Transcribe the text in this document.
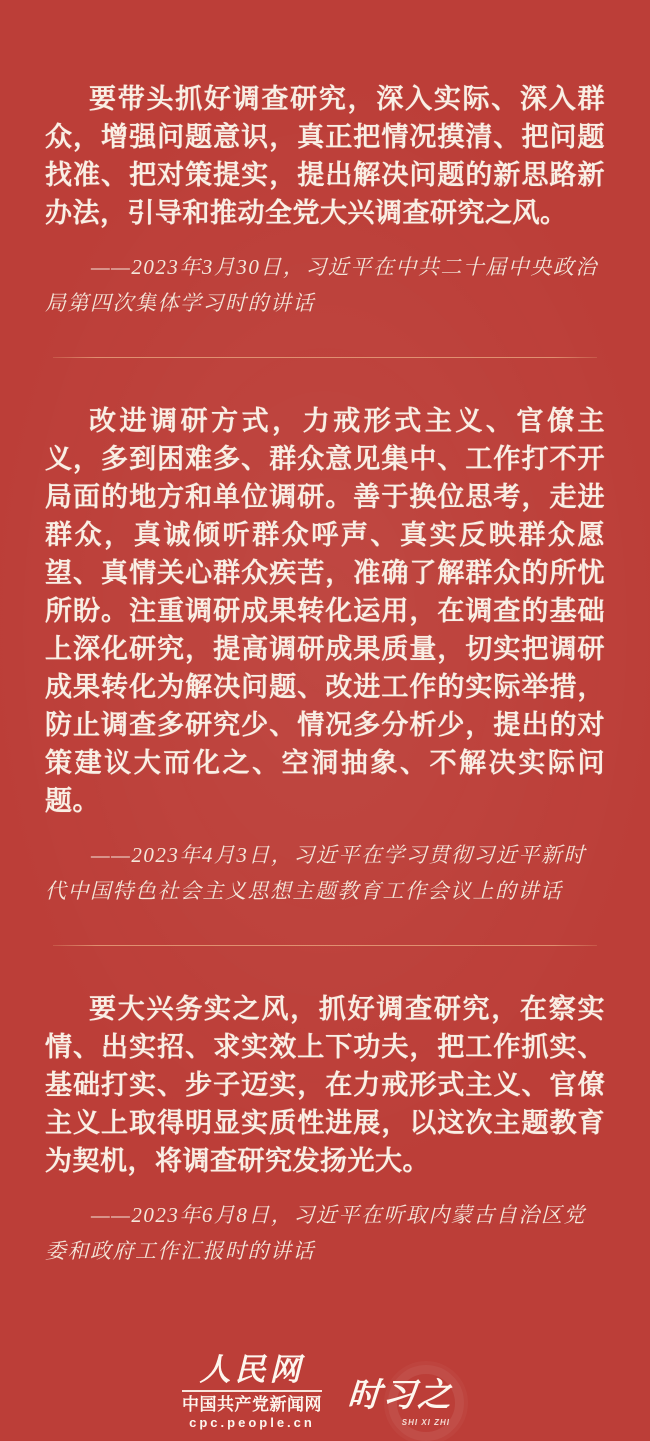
要带头抓好调查研究，深入实际、深入群众，增强问题意识，真正把情况摸清、把问题找准、把对策提实，提出解决问题的新思路新办法，引导和推动全党大兴调查研究之风。

——2023年3月30日，习近平在中共二十届中央政治局第四次集体学习时的讲话

改进调研方式，力戒形式主义、官僚主义，多到困难多、群众意见集中、工作打不开局面的地方和单位调研。善于换位思考，走进群众，真诚倾听群众呼声、真实反映群众愿望、真情关心群众疾苦，准确了解群众的所忧所盼。注重调研成果转化运用，在调查的基础上深化研究，提高调研成果质量，切实把调研成果转化为解决问题、改进工作的实际举措，防止调查多研究少、情况多分析少，提出的对策建议大而化之、空洞抽象、不解决实际问题。

——2023年4月3日，习近平在学习贯彻习近平新时代中国特色社会主义思想主题教育工作会议上的讲话

要大兴务实之风，抓好调查研究，在察实情、出实招、求实效上下功夫，把工作抓实、基础打实、步子迈实，在力戒形式主义、官僚主义上取得明显实质性进展，以这次主题教育为契机，将调查研究发扬光大。

——2023年6月8日，习近平在听取内蒙古自治区党委和政府工作汇报时的讲话

人民网
中国共产党新闻网
cpc.people.cn
时习之
SHI XI ZHI
